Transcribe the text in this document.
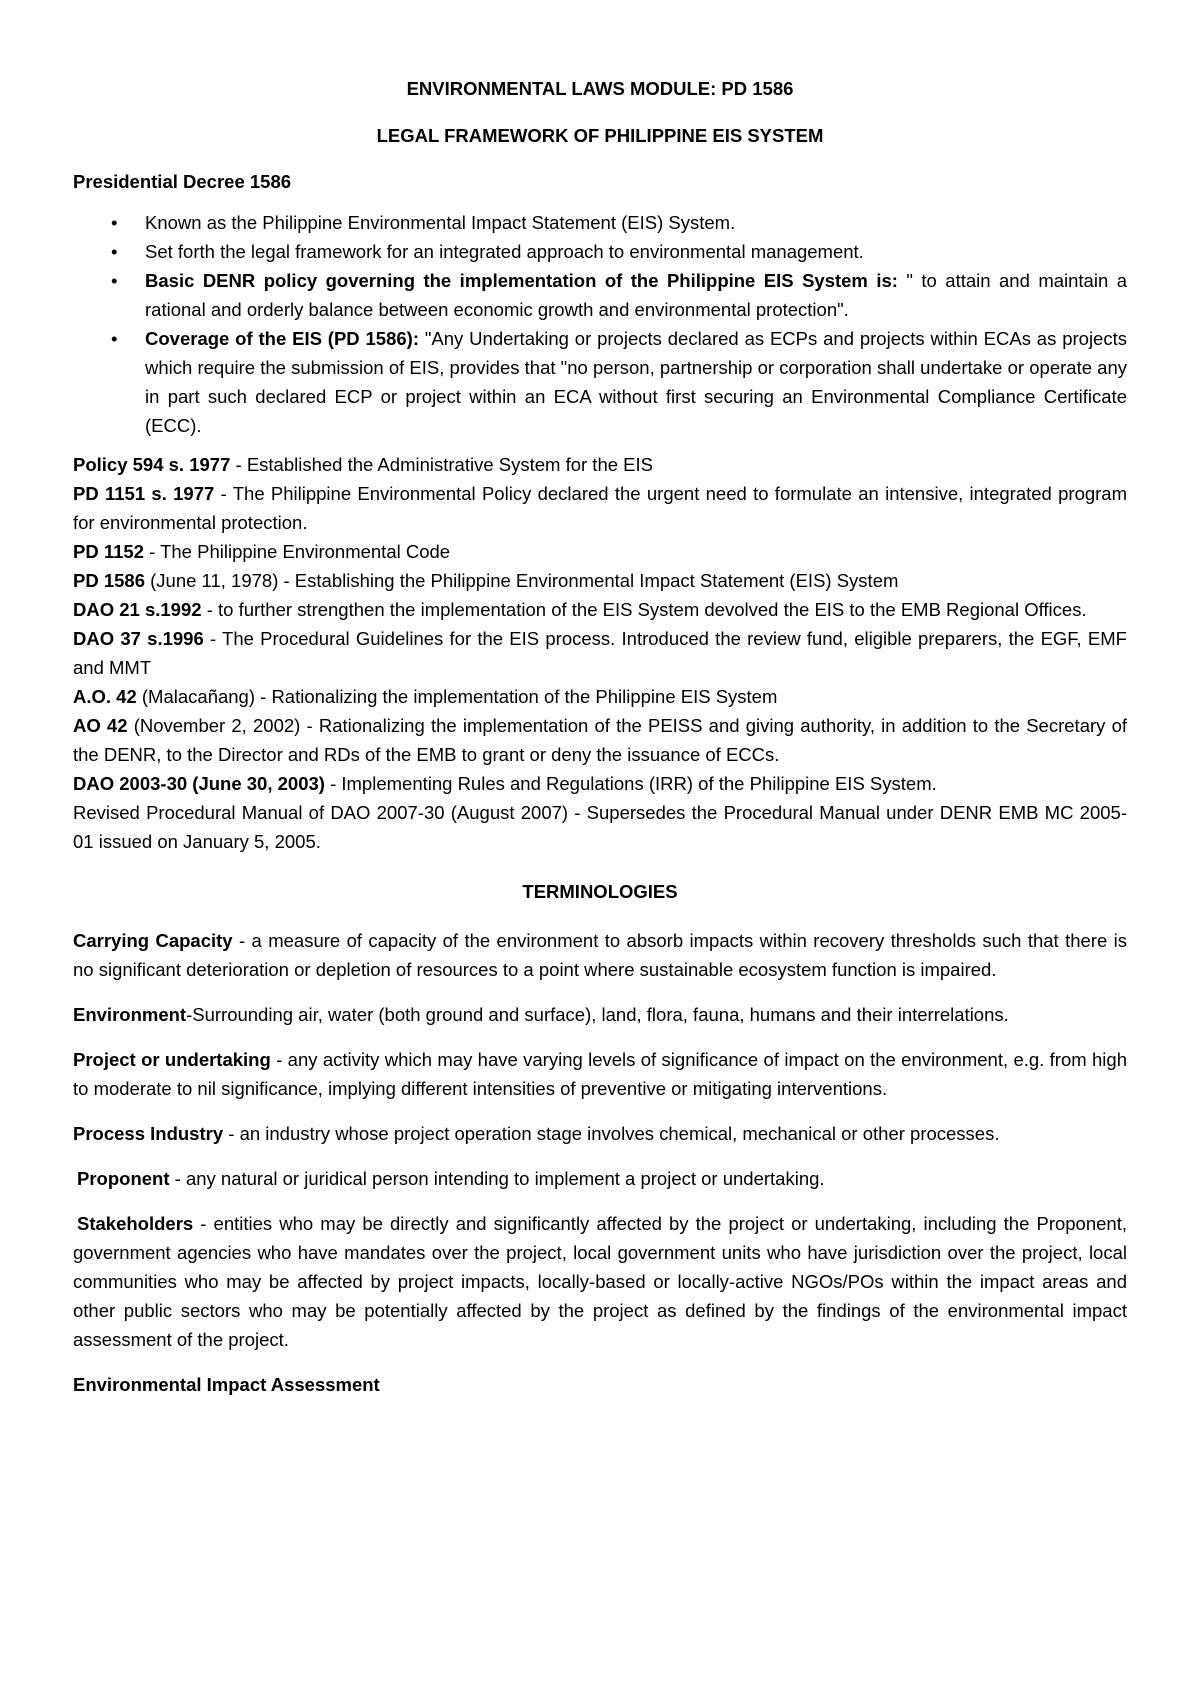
ENVIRONMENTAL LAWS MODULE: PD 1586
LEGAL FRAMEWORK OF PHILIPPINE EIS SYSTEM
Presidential Decree 1586
• Known as the Philippine Environmental Impact Statement (EIS) System.
• Set forth the legal framework for an integrated approach to environmental management.
• Basic DENR policy governing the implementation of the Philippine EIS System is: " to attain and maintain a rational and orderly balance between economic growth and environmental protection".
• Coverage of the EIS (PD 1586): "Any Undertaking or projects declared as ECPs and projects within ECAs as projects which require the submission of EIS, provides that "no person, partnership or corporation shall undertake or operate any in part such declared ECP or project within an ECA without first securing an Environmental Compliance Certificate (ECC).

Policy 594 s. 1977 - Established the Administrative System for the EIS

PD 1151 s. 1977 - The Philippine Environmental Policy declared the urgent need to formulate an intensive, integrated program for environmental protection.

PD 1152 - The Philippine Environmental Code

PD 1586 (June 11, 1978) - Establishing the Philippine Environmental Impact Statement (EIS) System

DAO 21 s.1992 - to further strengthen the implementation of the EIS System devolved the EIS to the EMB Regional Offices.

DAO 37 s.1996 - The Procedural Guidelines for the EIS process. Introduced the review fund, eligible preparers, the EGF, EMF and MMT

A.O. 42 (Malacañang) - Rationalizing the implementation of the Philippine EIS System

AO 42 (November 2, 2002) - Rationalizing the implementation of the PEISS and giving authority, in addition to the Secretary of the DENR, to the Director and RDs of the EMB to grant or deny the issuance of ECCs.

DAO 2003-30 (June 30, 2003) - Implementing Rules and Regulations (IRR) of the Philippine EIS System.

Revised Procedural Manual of DAO 2007-30 (August 2007) - Supersedes the Procedural Manual under DENR EMB MC 2005-01 issued on January 5, 2005.

TERMINOLOGIES

Carrying Capacity - a measure of capacity of the environment to absorb impacts within recovery thresholds such that there is no significant deterioration or depletion of resources to a point where sustainable ecosystem function is impaired.

Environment-Surrounding air, water (both ground and surface), land, flora, fauna, humans and their interrelations.

Project or undertaking - any activity which may have varying levels of significance of impact on the environment, e.g. from high to moderate to nil significance, implying different intensities of preventive or mitigating interventions.

Process Industry - an industry whose project operation stage involves chemical, mechanical or other processes.

Proponent - any natural or juridical person intending to implement a project or undertaking.

Stakeholders - entities who may be directly and significantly affected by the project or undertaking, including the Proponent, government agencies who have mandates over the project, local government units who have jurisdiction over the project, local communities who may be affected by project impacts, locally-based or locally-active NGOs/POs within the impact areas and other public sectors who may be potentially affected by the project as defined by the findings of the environmental impact assessment of the project.

Environmental Impact Assessment
